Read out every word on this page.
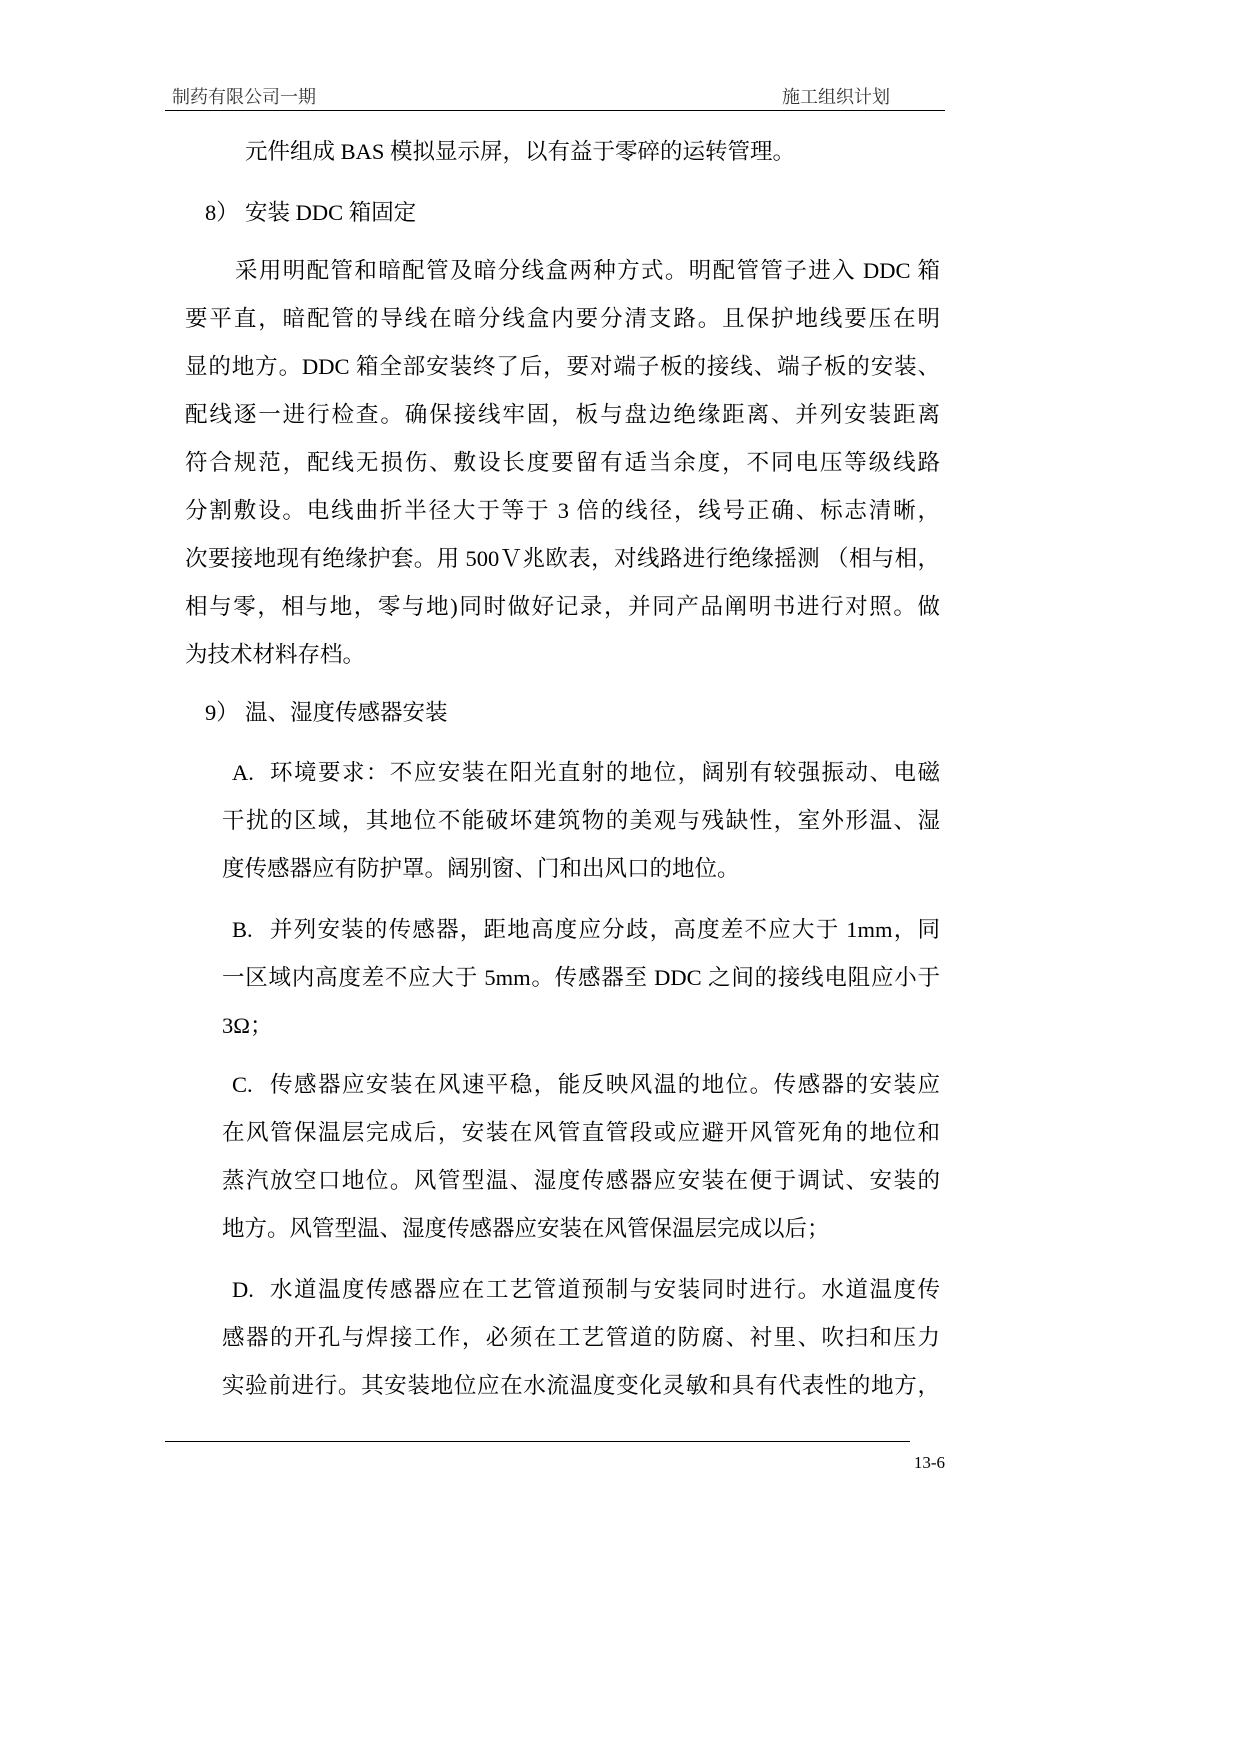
制药有限公司一期	施工组织计划
元件组成 BAS 模拟显示屏，以有益于零碎的运转管理。
8） 安装 DDC 箱固定
采用明配管和暗配管及暗分线盒两种方式。明配管管子进入 DDC 箱
要平直，暗配管的导线在暗分线盒内要分清支路。且保护地线要压在明
显的地方。DDC 箱全部安装终了后，要对端子板的接线、端子板的安装、
配线逐一进行检查。确保接线牢固，板与盘边绝缘距离、并列安装距离
符合规范，配线无损伤、敷设长度要留有适当余度，不同电压等级线路
分割敷设。电线曲折半径大于等于 3 倍的线径，线号正确、标志清晰，
次要接地现有绝缘护套。用 500Ｖ兆欧表，对线路进行绝缘摇测 （相与相，
相与零，相与地，零与地)同时做好记录，并同产品阐明书进行对照。做
为技术材料存档。
9） 温、湿度传感器安装
A. 环境要求：不应安装在阳光直射的地位，阔别有较强振动、电磁
干扰的区域，其地位不能破坏建筑物的美观与残缺性，室外形温、湿
度传感器应有防护罩。阔别窗、门和出风口的地位。
B. 并列安装的传感器，距地高度应分歧，高度差不应大于 1mm，同
一区域内高度差不应大于 5mm。传感器至 DDC 之间的接线电阻应小于
3Ω；
C. 传感器应安装在风速平稳，能反映风温的地位。传感器的安装应
在风管保温层完成后，安装在风管直管段或应避开风管死角的地位和
蒸汽放空口地位。风管型温、湿度传感器应安装在便于调试、安装的
地方。风管型温、湿度传感器应安装在风管保温层完成以后；
D. 水道温度传感器应在工艺管道预制与安装同时进行。水道温度传
感器的开孔与焊接工作，必须在工艺管道的防腐、衬里、吹扫和压力
实验前进行。其安装地位应在水流温度变化灵敏和具有代表性的地方，
13-6
